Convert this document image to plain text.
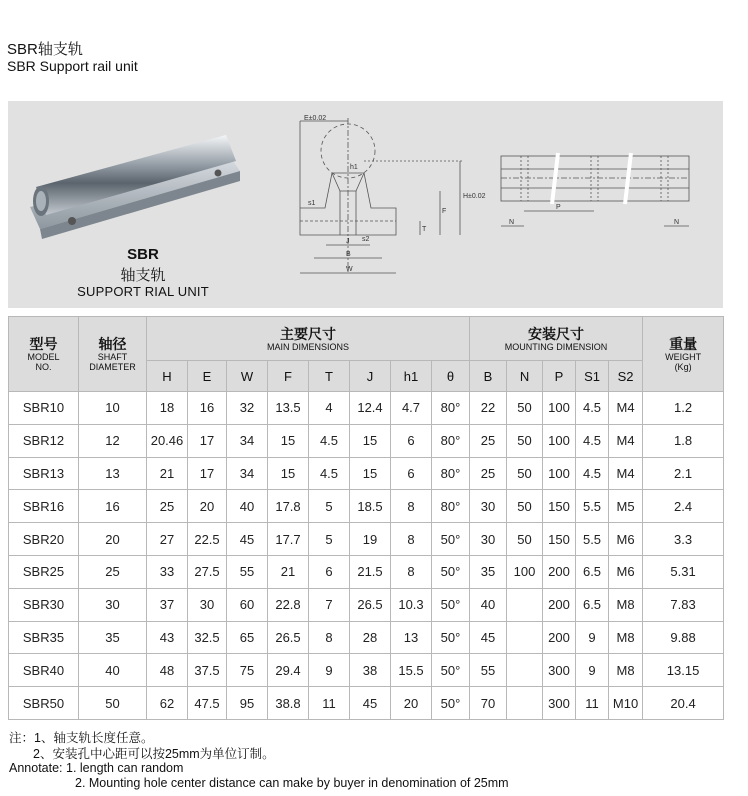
SBR轴支轨
SBR Support rail unit
SBR
轴支轨
SUPPORT RIAL UNIT
E±0.02
H±0.02
F
T
s1
s2
J
B
W
h1
P
N	N
型号
MODEL
NO.	轴径
SHAFT
DIAMETER	主要尺寸
MAIN DIMENSIONS								安装尺寸
MOUNTING DIMENSION					重量
WEIGHT
(Kg)

		H	E	W	F	T	J	h1	θ	B	N	P	S1	S2	
SBR10	10	18	16	32	13.5	4	12.4	4.7	80°	22	50	100	4.5	M4	1.2
SBR12	12	20.46	17	34	15	4.5	15	6	80°	25	50	100	4.5	M4	1.8
SBR13	13	21	17	34	15	4.5	15	6	80°	25	50	100	4.5	M4	2.1
SBR16	16	25	20	40	17.8	5	18.5	8	80°	30	50	150	5.5	M5	2.4
SBR20	20	27	22.5	45	17.7	5	19	8	50°	30	50	150	5.5	M6	3.3
SBR25	25	33	27.5	55	21	6	21.5	8	50°	35	100	200	6.5	M6	5.31
SBR30	30	37	30	60	22.8	7	26.5	10.3	50°	40		200	6.5	M8	7.83
SBR35	35	43	32.5	65	26.5	8	28	13	50°	45		200	9	M8	9.88
SBR40	40	48	37.5	75	29.4	9	38	15.5	50°	55		300	9	M8	13.15
SBR50	50	62	47.5	95	38.8	11	45	20	50°	70		300	11	M10	20.4
注：1、轴支轨长度任意。
2、安装孔中心距可以按25mm为单位订制。
Annotate: 1. length can random
2. Mounting hole center distance can make by buyer in denomination of 25mm
